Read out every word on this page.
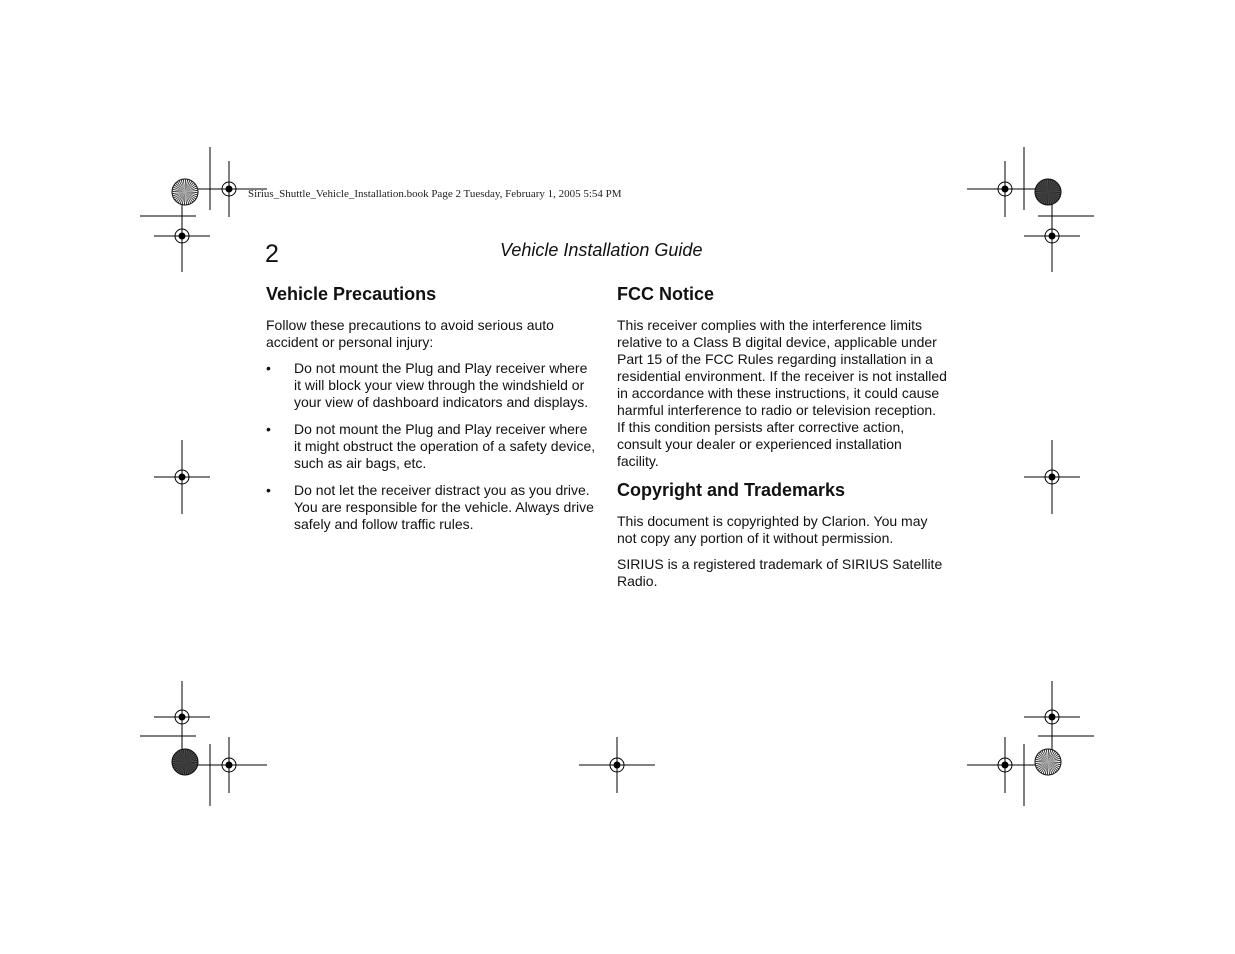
Sirius_Shuttle_Vehicle_Installation.book Page 2 Tuesday, February 1, 2005 5:54 PM
2	Vehicle Installation Guide
Vehicle Precautions

Follow these precautions to avoid serious auto accident or personal injury:

• Do not mount the Plug and Play receiver where it will block your view through the windshield or your view of dashboard indicators and displays.
• Do not mount the Plug and Play receiver where it might obstruct the operation of a safety device, such as air bags, etc.
• Do not let the receiver distract you as you drive. You are responsible for the vehicle. Always drive safely and follow traffic rules.
FCC Notice

This receiver complies with the interference limits relative to a Class B digital device, applicable under Part 15 of the FCC Rules regarding installation in a residential environment. If the receiver is not installed in accordance with these instructions, it could cause harmful interference to radio or television reception. If this condition persists after corrective action, consult your dealer or experienced installation facility.

Copyright and Trademarks

This document is copyrighted by Clarion. You may not copy any portion of it without permission.

SIRIUS is a registered trademark of SIRIUS Satellite Radio.
